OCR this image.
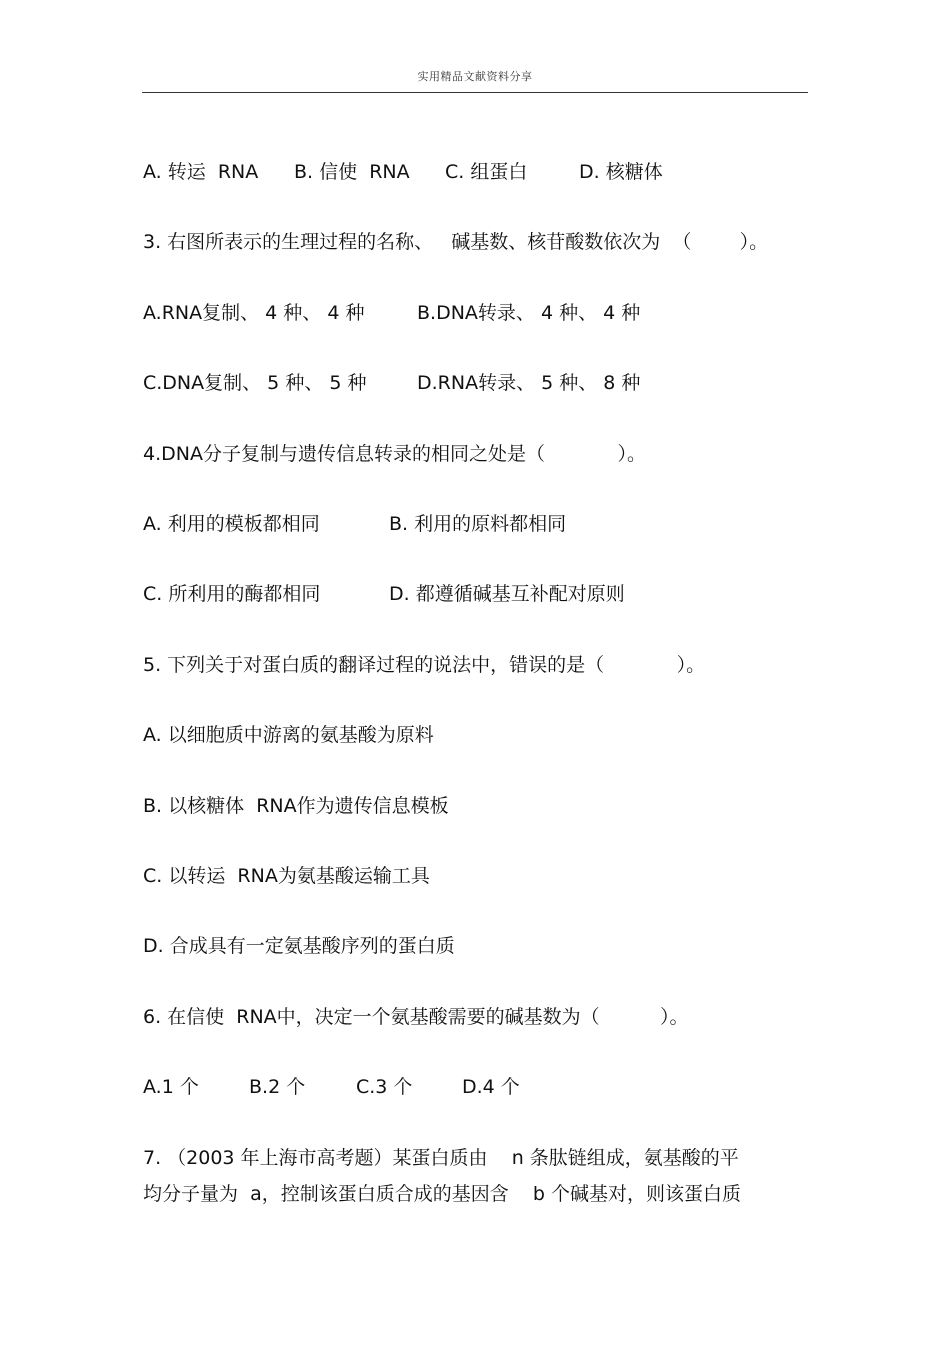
实用精品文献资料分享

A. 转运  RNA

B. 信使  RNA

C. 组蛋白

	D. 核糖体

3. 右图所表示的生理过程的名称、   碱基数、核苷酸数依次为  （        ）。

A.RNA复制、 4 种、 4 种

	B.DNA转录、 4 种、 4 种

C.DNA复制、 5 种、 5 种

	D.RNA转录、 5 种、 8 种

4.DNA分子复制与遗传信息转录的相同之处是（            ）。

A. 利用的模板都相同

	B. 利用的原料都相同

C. 所利用的酶都相同

	D. 都遵循碱基互补配对原则

5. 下列关于对蛋白质的翻译过程的说法中，错误的是（            ）。
A. 以细胞质中游离的氨基酸为原料
B. 以核糖体  RNA作为遗传信息模板
C. 以转运  RNA为氨基酸运输工具
D. 合成具有一定氨基酸序列的蛋白质
6. 在信使  RNA中，决定一个氨基酸需要的碱基数为（          ）。

A.1 个

	B.2 个

	C.3 个

	D.4 个

7. （2003 年上海市高考题）某蛋白质由    n 条肽链组成，氨基酸的平
均分子量为  a，控制该蛋白质合成的基因含    b 个碱基对，则该蛋白质
